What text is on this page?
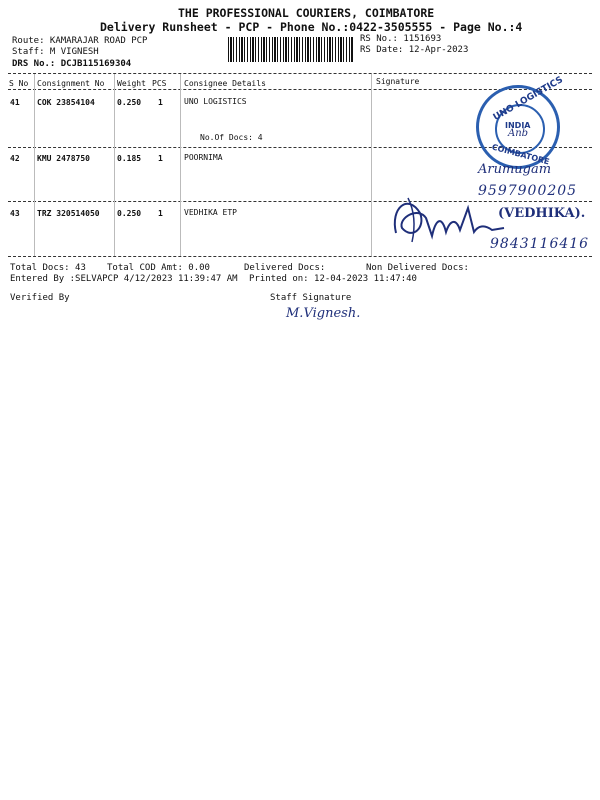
THE PROFESSIONAL COURIERS, COIMBATORE
Delivery Runsheet - PCP - Phone No.:0422-3505555 - Page No.:4
Route: KAMARAJAR ROAD PCP
Staff: M VIGNESH
DRS No.: DCJB115169304
RS No.: 1151693
RS Date: 12-Apr-2023
S No Consignment No Weight PCS Consignee Details	Signature
41 COK 23854104	0.250 1	UNO LOGISTICS
No.Of Docs: 4
42 KMU 2478750	0.185 1	POORNIMA
43 TRZ 320514050 0.250 1	VEDHIKA ETP
UNO LOGISTICS
INDIA
COIMBATORE
Anb
Arumugam
9597900205
(VEDHIKA).
9843116416
Total Docs: 43 Total COD Amt: 0.00	Delivered Docs:	Non Delivered Docs:
Entered By :SELVAPCP 4/12/2023 11:39:47 AM Printed on: 12-04-2023 11:47:40
Verified By	Staff Signature
M.Vignesh.
